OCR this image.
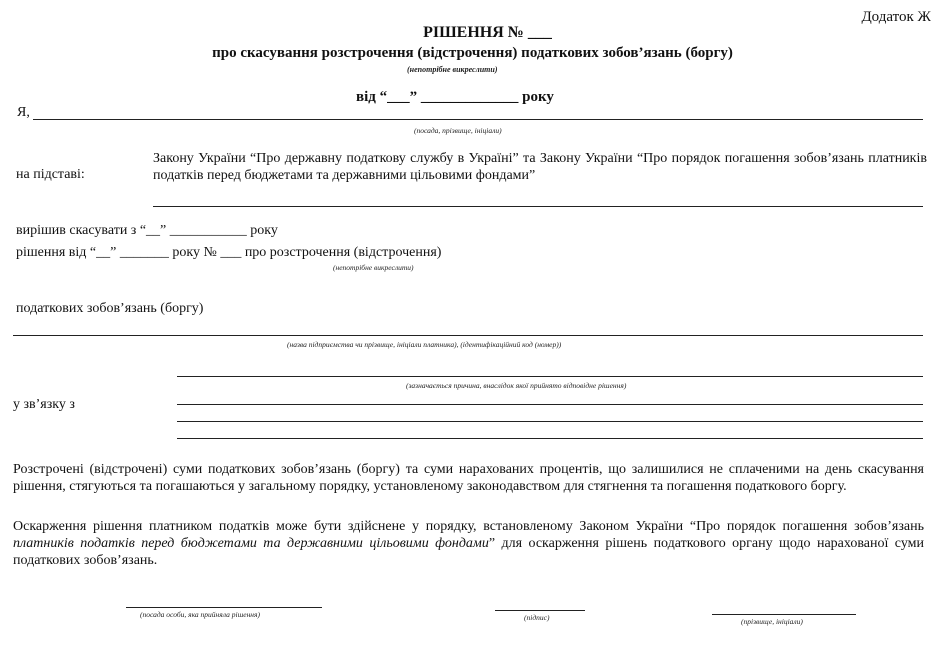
Додаток Ж
РІШЕННЯ № ___
про скасування розстрочення (відстрочення) податкових зобов’язань (боргу)
(непотрібне викреслити)
від “___” _____________ року
Я,
(посада, прізвище, ініціали)
на підставі:
Закону України “Про державну податкову службу в Україні” та Закону України “Про порядок погашення зобов’язань платників податків перед бюджетами та державними цільовими фондами”
вирішив скасувати з “__” ___________ року
рішення від “__” _______ року № ___ про розстрочення (відстрочення)
(непотрібне викреслити)
податкових зобов’язань (боргу)
(назва підприємства чи прізвище, ініціали платника), (ідентифікаційний код (номер))
(зазначається причина, внаслідок якої прийнято відповідне рішення)
у зв’язку з
Розстрочені (відстрочені) суми податкових зобов’язань (боргу) та суми нарахованих процентів, що залишилися не сплаченими на день скасування рішення, стягуються та погашаються у загальному порядку, установленому законодавством для стягнення та погашення податкового боргу.
Оскарження рішення платником податків може бути здійснене у порядку, встановленому Законом України “Про порядок погашення зобов’язань платників податків перед бюджетами та державними цільовими фондами” для оскарження рішень податкового органу щодо нарахованої суми податкових зобов’язань.
(посада особи, яка прийняла рішення)	(підпис)	(прізвище, ініціали)
